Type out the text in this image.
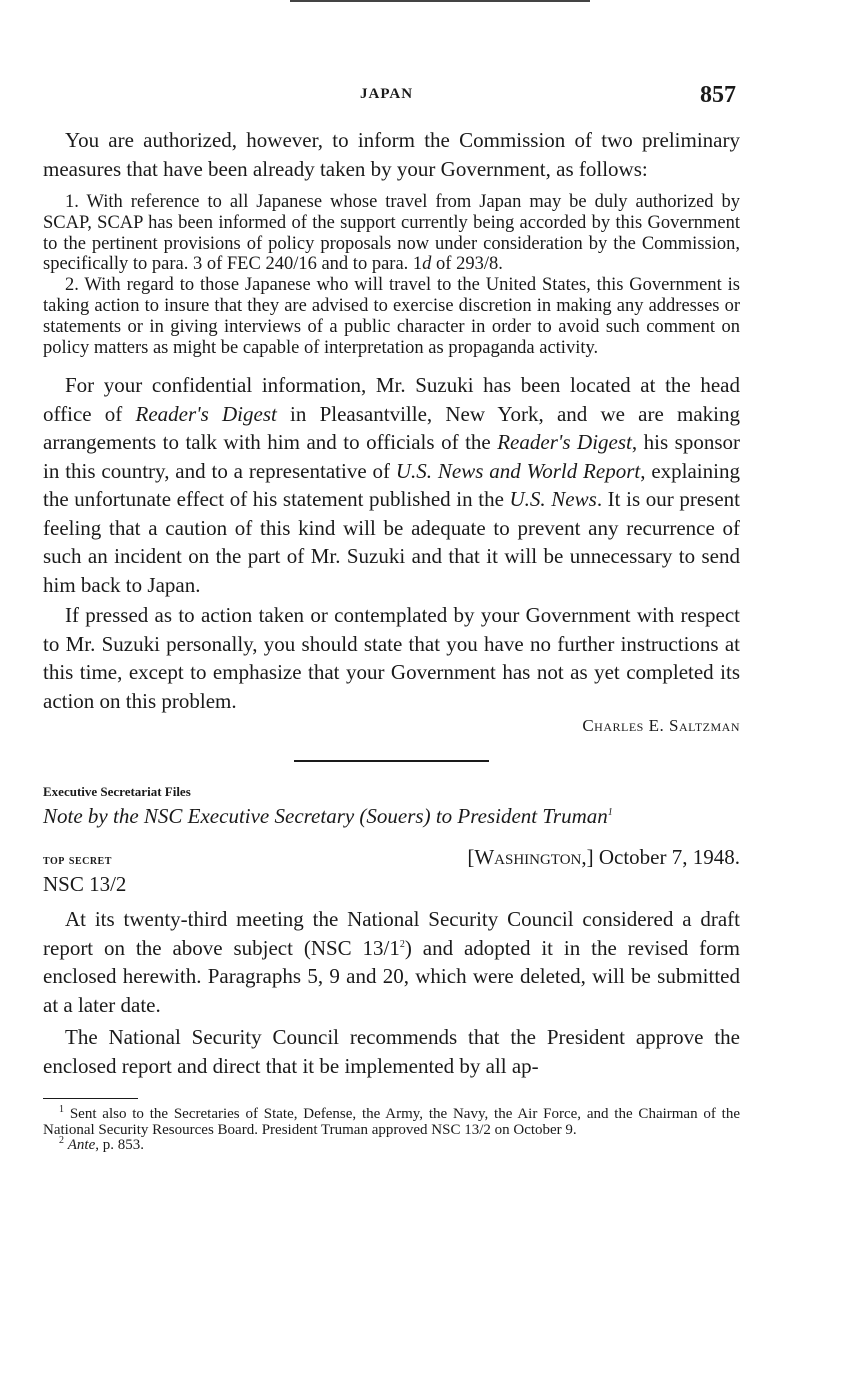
JAPAN	857

You are authorized, however, to inform the Commission of two preliminary measures that have been already taken by your Government, as follows:

1. With reference to all Japanese whose travel from Japan may be duly authorized by SCAP, SCAP has been informed of the support currently being accorded by this Government to the pertinent provisions of policy proposals now under consideration by the Commission, specifically to para. 3 of FEC 240/16 and to para. 1d of 293/8.

2. With regard to those Japanese who will travel to the United States, this Government is taking action to insure that they are advised to exercise discretion in making any addresses or statements or in giving interviews of a public character in order to avoid such comment on policy matters as might be capable of interpretation as propaganda activity.

For your confidential information, Mr. Suzuki has been located at the head office of Reader's Digest in Pleasantville, New York, and we are making arrangements to talk with him and to officials of the Reader's Digest, his sponsor in this country, and to a representative of U.S. News and World Report, explaining the unfortunate effect of his statement published in the U.S. News. It is our present feeling that a caution of this kind will be adequate to prevent any recurrence of such an incident on the part of Mr. Suzuki and that it will be unnecessary to send him back to Japan.

If pressed as to action taken or contemplated by your Government with respect to Mr. Suzuki personally, you should state that you have no further instructions at this time, except to emphasize that your Government has not as yet completed its action on this problem.

Charles E. Saltzman

Executive Secretariat Files

Note by the NSC Executive Secretary (Souers) to President Truman$^1$

top secret	[Washington,] October 7, 1948.

NSC 13/2

At its twenty-third meeting the National Security Council considered a draft report on the above subject (NSC $13/1^2$) and adopted it in the revised form enclosed herewith. Paragraphs 5, 9 and 20, which were deleted, will be submitted at a later date.

The National Security Council recommends that the President approve the enclosed report and direct that it be implemented by all ap-

$^1$ Sent also to the Secretaries of State, Defense, the Army, the Navy, the Air Force, and the Chairman of the National Security Resources Board. President Truman approved NSC 13/2 on October 9.

$^2$ Ante, p. 853.
